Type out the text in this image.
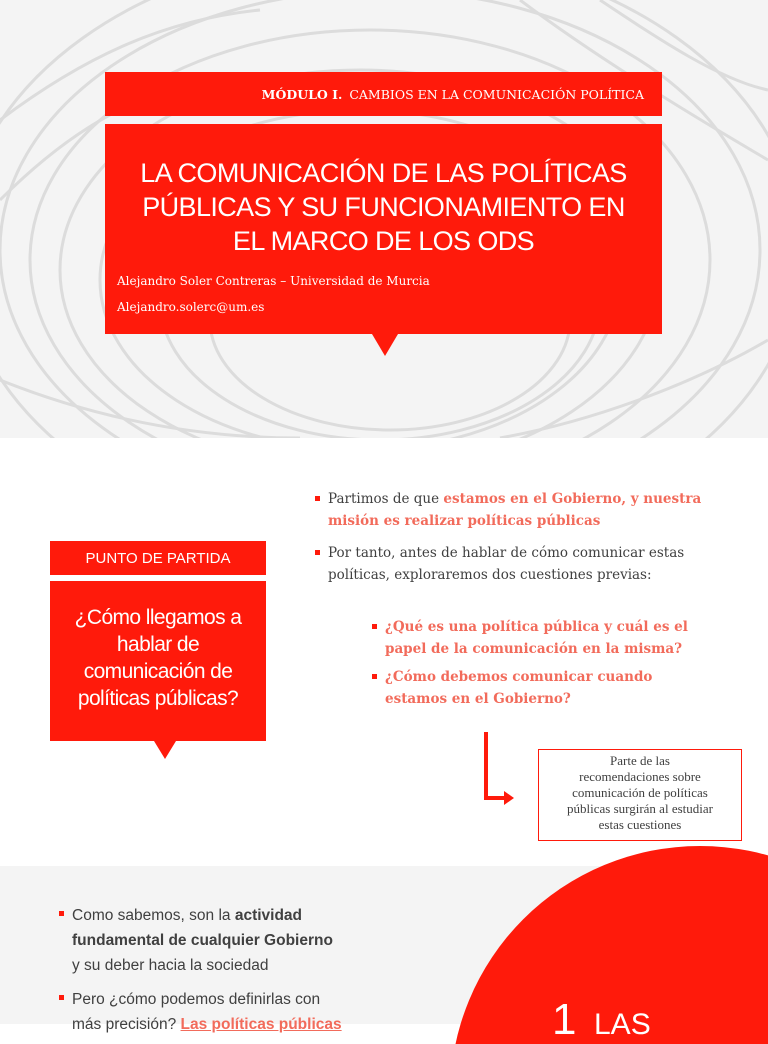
MÓDULO I. CAMBIOS EN LA COMUNICACIÓN POLÍTICA
LA COMUNICACIÓN DE LAS POLÍTICAS
PÚBLICAS Y SU FUNCIONAMIENTO EN
EL MARCO DE LOS ODS
Alejandro Soler Contreras – Universidad de Murcia
Alejandro.solerc@um.es
PUNTO DE PARTIDA
¿Cómo llegamos a
hablar de
comunicación de
políticas públicas?
Partimos de que estamos en el Gobierno, y nuestra
misión es realizar políticas públicas
Por tanto, antes de hablar de cómo comunicar estas
políticas, exploraremos dos cuestiones previas:
¿Qué es una política pública y cuál es el
papel de la comunicación en la misma?
¿Cómo debemos comunicar cuando
estamos en el Gobierno?
Parte de las
recomendaciones sobre
comunicación de políticas
públicas surgirán al estudiar
estas cuestiones
Como sabemos, son la actividad
fundamental de cualquier Gobierno
y su deber hacia la sociedad
Pero ¿cómo podemos definirlas con
más precisión? Las políticas públicas	1 LAS
